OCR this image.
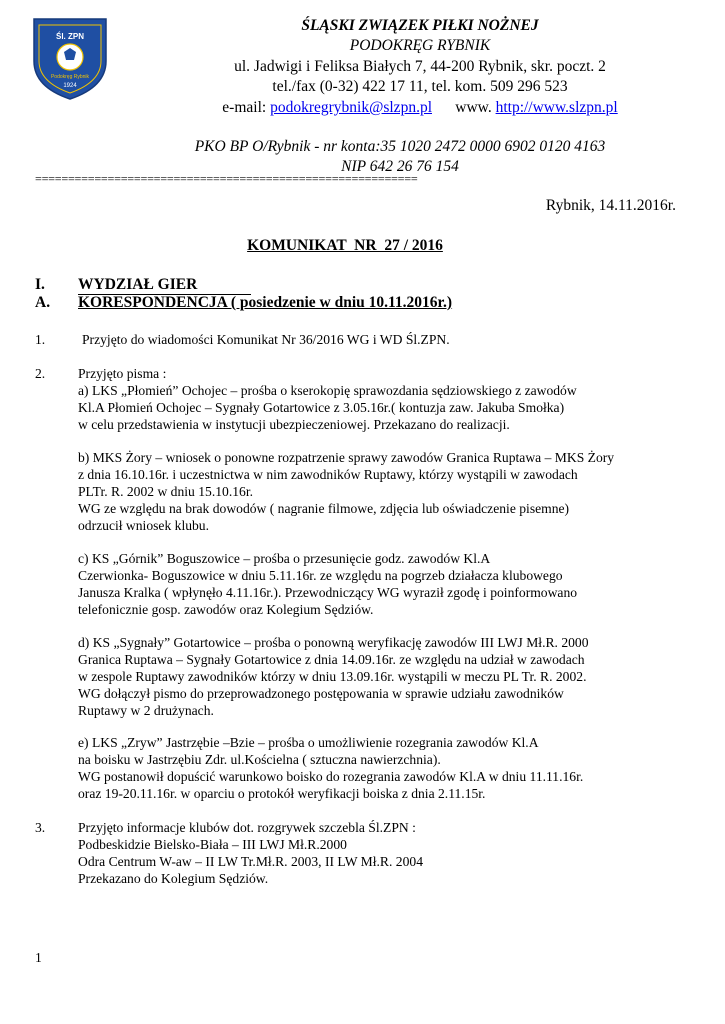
Śl. ZPN
Podokręg Rybnik
1924
ŚLĄSKI ZWIĄZEK PIŁKI NOŻNEJ
PODOKRĘG RYBNIK
ul. Jadwigi i Feliksa Białych 7, 44-200 Rybnik, skr. poczt. 2
tel./fax (0-32) 422 17 11, tel. kom. 509 296 523
e-mail: podokregrybnik@slzpn.pl www. http://www.slzpn.pl
PKO BP O/Rybnik - nr konta:35 1020 2472 0000 6902 0120 4163
NIP 642 26 76 154
==========================================================
Rybnik, 14.11.2016r.
KOMUNIKAT  NR  27 / 2016
I. WYDZIAŁ GIER
A. KORESPONDENCJA ( posiedzenie w dniu 10.11.2016r.)
1.	Przyjęto do wiadomości Komunikat Nr 36/2016 WG i WD Śl.ZPN.
2. Przyjęto pisma :
a) LKS „Płomień” Ochojec – prośba o kserokopię sprawozdania sędziowskiego z zawodów
Kl.A Płomień Ochojec – Sygnały Gotartowice z 3.05.16r.( kontuzja zaw. Jakuba Smołka)
w celu przedstawienia w instytucji ubezpieczeniowej. Przekazano do realizacji.
b) MKS Żory – wniosek o ponowne rozpatrzenie sprawy zawodów Granica Ruptawa – MKS Żory
z dnia 16.10.16r. i uczestnictwa w nim zawodników Ruptawy, którzy wystąpili w zawodach
PLTr. R. 2002 w dniu 15.10.16r.
WG ze względu na brak dowodów ( nagranie filmowe, zdjęcia lub oświadczenie pisemne)
odrzucił wniosek klubu.
c) KS „Górnik” Boguszowice – prośba o przesunięcie godz. zawodów Kl.A
Czerwionka- Boguszowice w dniu 5.11.16r. ze względu na pogrzeb działacza klubowego
Janusza Kralka ( wpłynęło 4.11.16r.). Przewodniczący WG wyraził zgodę i poinformowano
telefonicznie gosp. zawodów oraz Kolegium Sędziów.
d) KS „Sygnały” Gotartowice – prośba o ponowną weryfikację zawodów III LWJ Mł.R. 2000
Granica Ruptawa – Sygnały Gotartowice z dnia 14.09.16r. ze względu na udział w zawodach
w zespole Ruptawy zawodników którzy w dniu 13.09.16r. wystąpili w meczu PL Tr. R. 2002.
WG dołączył pismo do przeprowadzonego postępowania w sprawie udziału zawodników
Ruptawy w 2 drużynach.
e) LKS „Zryw” Jastrzębie –Bzie – prośba o umożliwienie rozegrania zawodów Kl.A
na boisku w Jastrzębiu Zdr. ul.Kościelna ( sztuczna nawierzchnia).
WG postanowił dopuścić warunkowo boisko do rozegrania zawodów Kl.A w dniu 11.11.16r.
oraz 19-20.11.16r. w oparciu o protokół weryfikacji boiska z dnia 2.11.15r.
3. Przyjęto informacje klubów dot. rozgrywek szczebla Śl.ZPN :
Podbeskidzie Bielsko-Biała – III LWJ Mł.R.2000
Odra Centrum W-aw – II LW Tr.Mł.R. 2003, II LW Mł.R. 2004
Przekazano do Kolegium Sędziów.
1
